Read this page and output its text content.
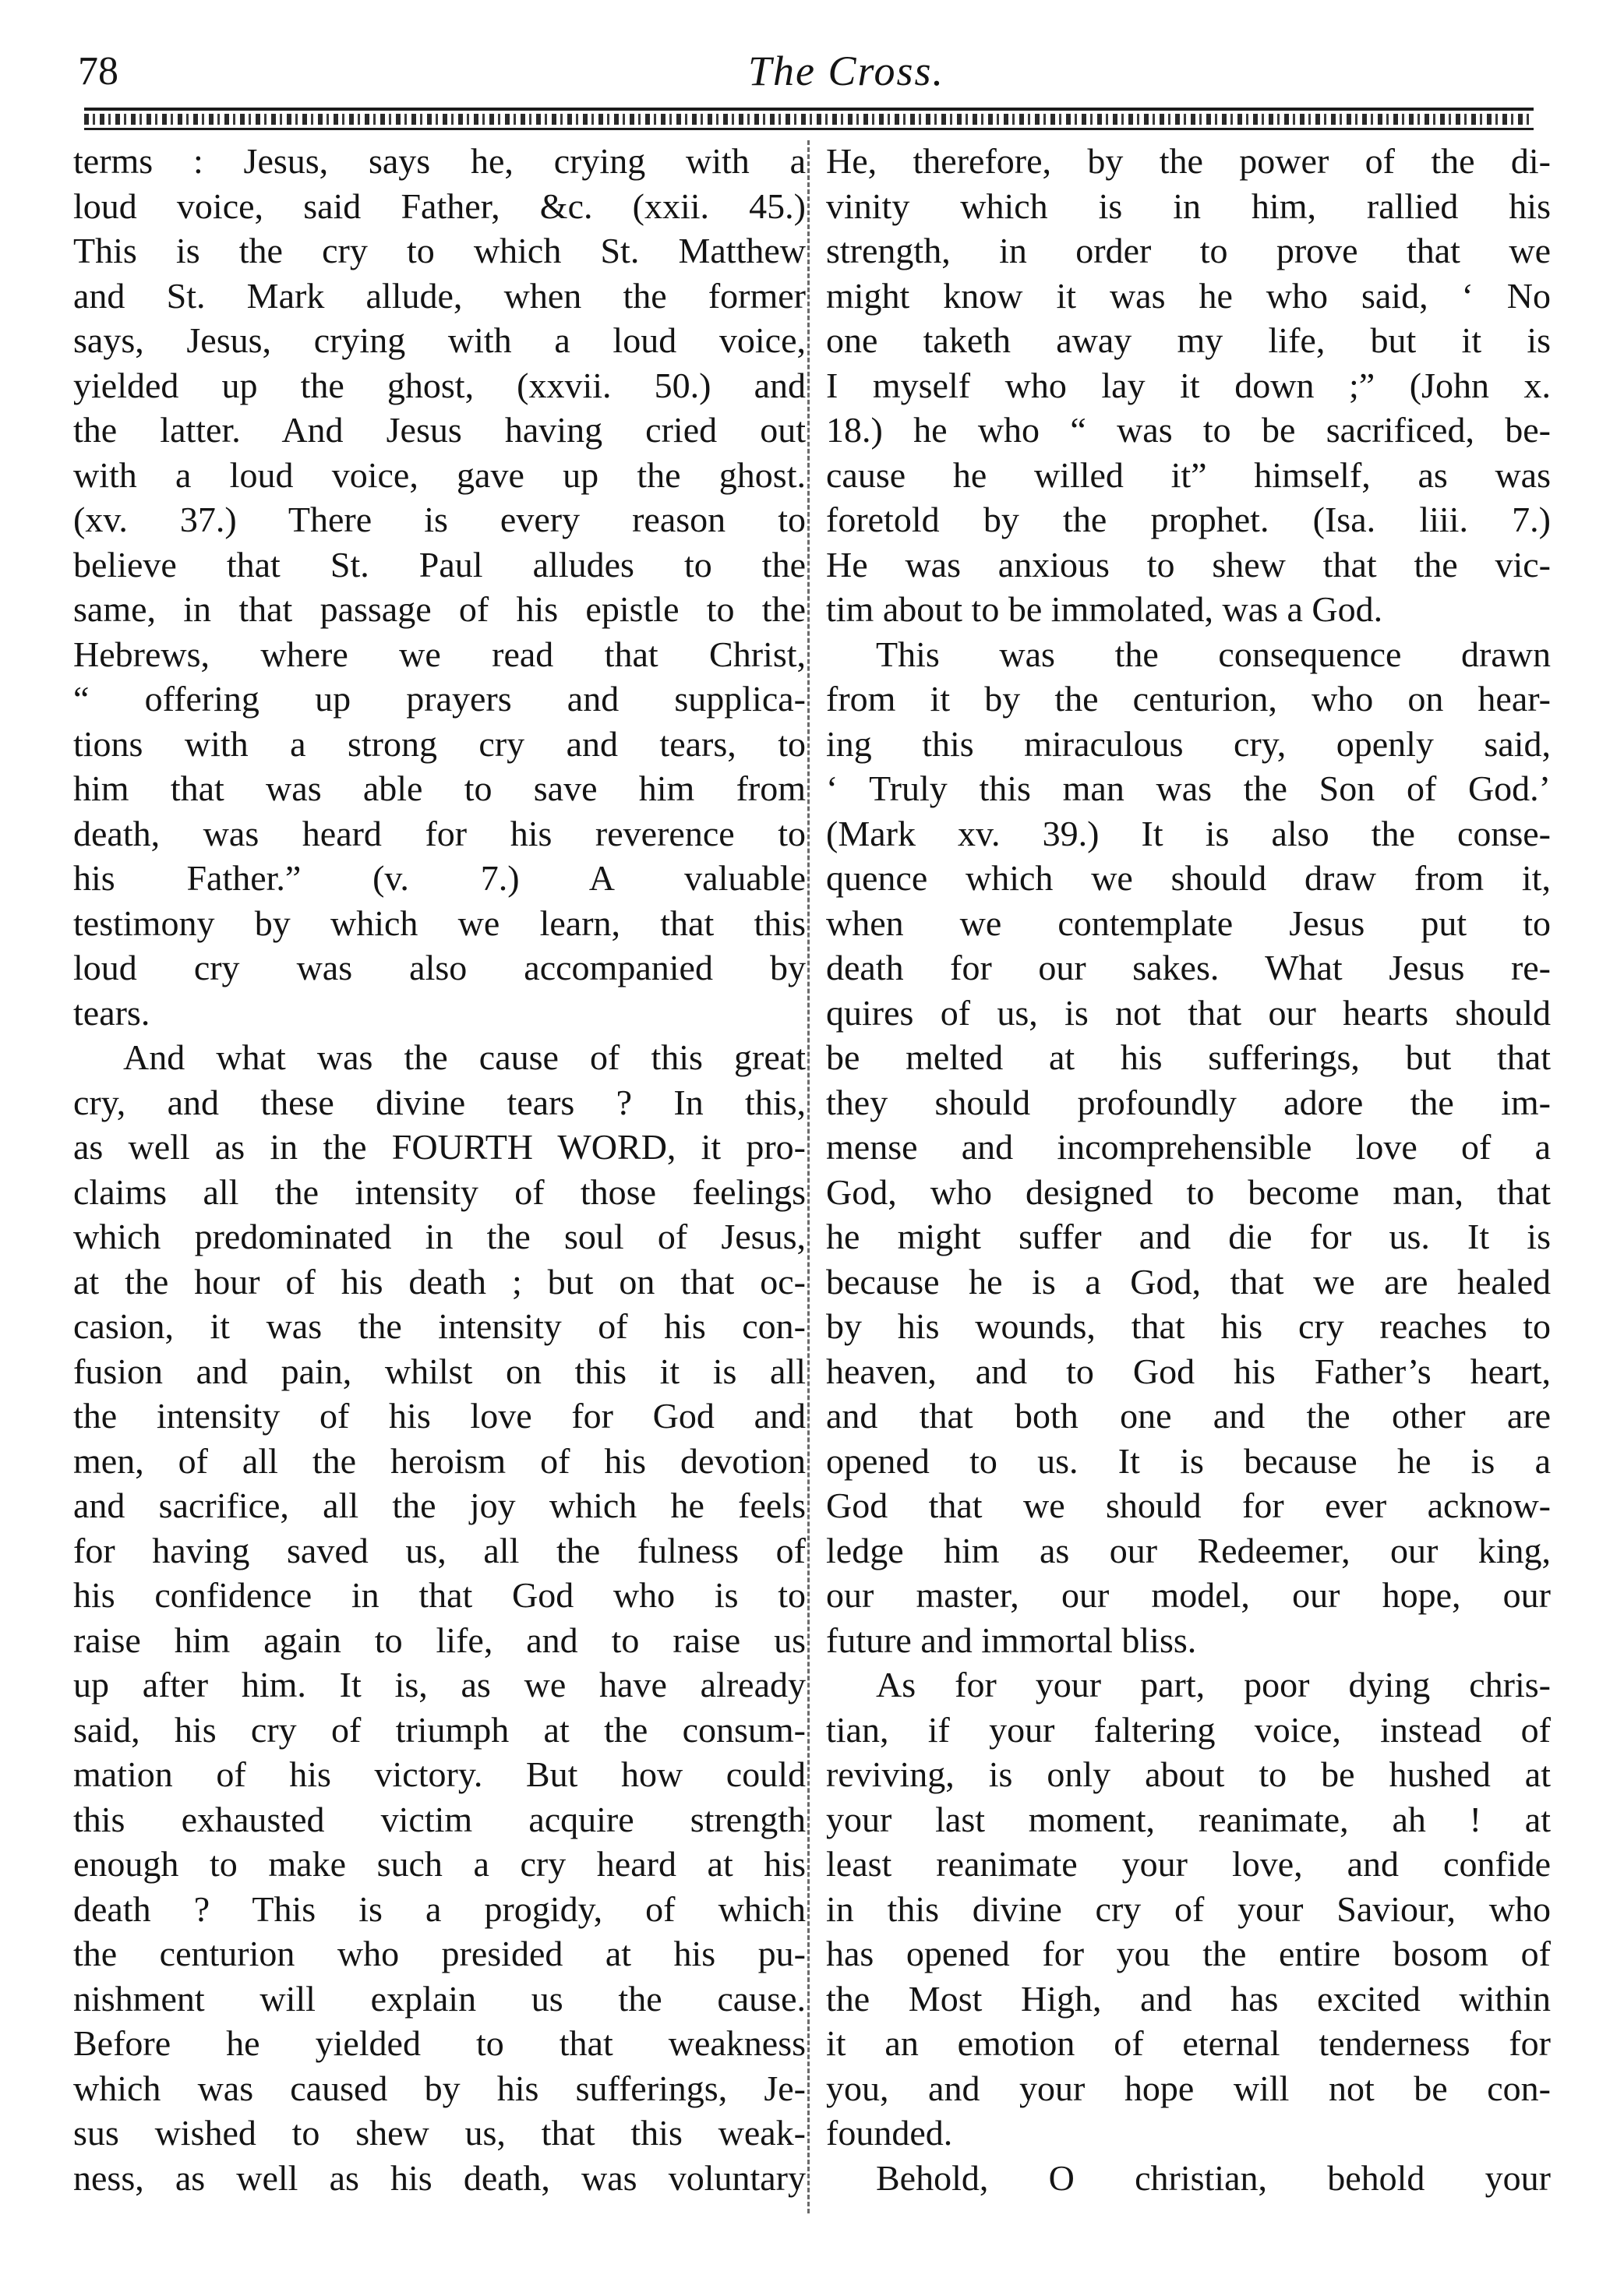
78	The Cross.
terms : Jesus, says he, crying with a
loud voice, said Father, &c. (xxii. 45.)
This is the cry to which St. Matthew
and St. Mark allude, when the former
says, Jesus, crying with a loud voice,
yielded up the ghost, (xxvii. 50.) and
the latter. And Jesus having cried out
with a loud voice, gave up the ghost.
(xv. 37.) There is every reason to
believe that St. Paul alludes to the
same, in that passage of his epistle to the
Hebrews, where we read that Christ,
“ offering up prayers and supplica-
tions with a strong cry and tears, to
him that was able to save him from
death, was heard for his reverence to
his Father.” (v. 7.) A valuable
testimony by which we learn, that this
loud cry was also accompanied by
tears.
And what was the cause of this great
cry, and these divine tears ? In this,
as well as in the FOURTH WORD, it pro-
claims all the intensity of those feelings
which predominated in the soul of Jesus,
at the hour of his death ; but on that oc-
casion, it was the intensity of his con-
fusion and pain, whilst on this it is all
the intensity of his love for God and
men, of all the heroism of his devotion
and sacrifice, all the joy which he feels
for having saved us, all the fulness of
his confidence in that God who is to
raise him again to life, and to raise us
up after him. It is, as we have already
said, his cry of triumph at the consum-
mation of his victory. But how could
this exhausted victim acquire strength
enough to make such a cry heard at his
death ? This is a progidy, of which
the centurion who presided at his pu-
nishment will explain us the cause.
Before he yielded to that weakness
which was caused by his sufferings, Je-
sus wished to shew us, that this weak-
ness, as well as his death, was voluntary
He, therefore, by the power of the di-
vinity which is in him, rallied his
strength, in order to prove that we
might know it was he who said, ‘ No
one taketh away my life, but it is
I myself who lay it down ;” (John x.
18.) he who “ was to be sacrificed, be-
cause he willed it” himself, as was
foretold by the prophet. (Isa. liii. 7.)
He was anxious to shew that the vic-
tim about to be immolated, was a God.
This was the consequence drawn
from it by the centurion, who on hear-
ing this miraculous cry, openly said,
‘ Truly this man was the Son of God.’
(Mark xv. 39.) It is also the conse-
quence which we should draw from it,
when we contemplate Jesus put to
death for our sakes. What Jesus re-
quires of us, is not that our hearts should
be melted at his sufferings, but that
they should profoundly adore the im-
mense and incomprehensible love of a
God, who designed to become man, that
he might suffer and die for us. It is
because he is a God, that we are healed
by his wounds, that his cry reaches to
heaven, and to God his Father’s heart,
and that both one and the other are
opened to us. It is because he is a
God that we should for ever acknow-
ledge him as our Redeemer, our king,
our master, our model, our hope, our
future and immortal bliss.
As for your part, poor dying chris-
tian, if your faltering voice, instead of
reviving, is only about to be hushed at
your last moment, reanimate, ah ! at
least reanimate your love, and confide
in this divine cry of your Saviour, who
has opened for you the entire bosom of
the Most High, and has excited within
it an emotion of eternal tenderness for
you, and your hope will not be con-
founded.
Behold, O christian, behold your
